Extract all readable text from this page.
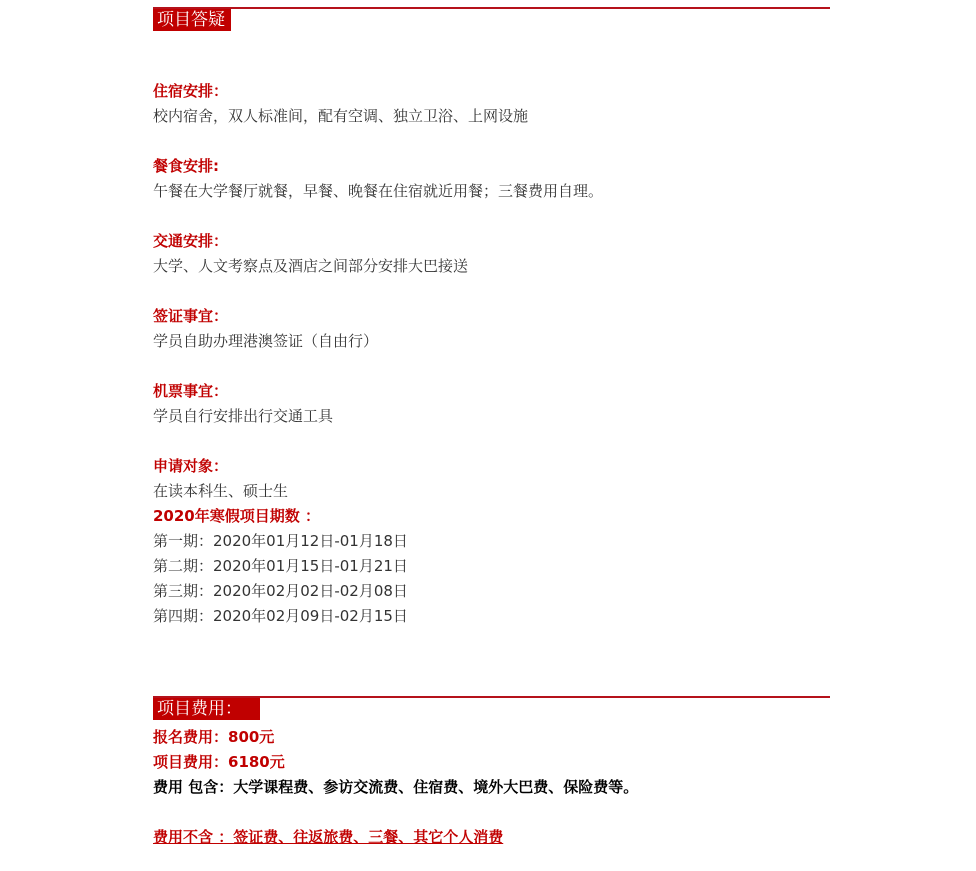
项目答疑

住宿安排：

校内宿舍，双人标准间，配有空调、独立卫浴、上网设施

餐食安排:

午餐在大学餐厅就餐，早餐、晚餐在住宿就近用餐；三餐费用自理。

交通安排：

大学、人文考察点及酒店之间部分安排大巴接送

签证事宜：

学员自助办理港澳签证（自由行）

机票事宜：

学员自行安排出行交通工具

申请对象：

在读本科生、硕士生

2020年寒假项目期数 ：

第一期：2020年01月12日-01月18日

第二期：2020年01月15日-01月21日

第三期：2020年02月02日-02月08日

第四期：2020年02月09日-02月15日

项目费用：

报名费用：800元

项目费用：6180元

费用 包含：大学课程费、参访交流费、住宿费、境外大巴费、保险费等。

费用不含 ：签证费、往返旅费、三餐、其它个人消费
